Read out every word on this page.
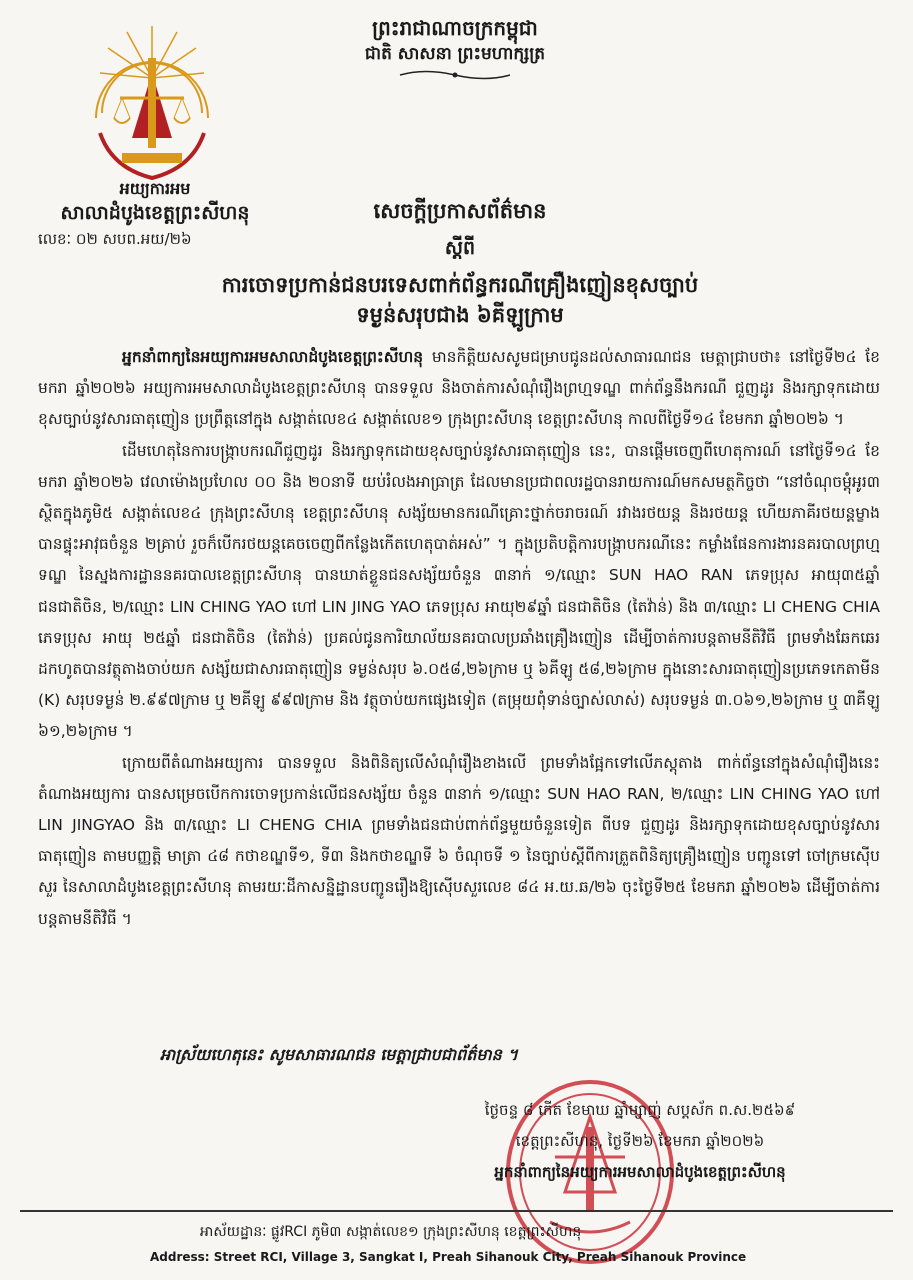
អយ្យការអម
សាលាដំបូងខេត្តព្រះសីហនុ
លេខៈ ០២ សបព.អយ/២៦
ព្រះរាជាណាចក្រកម្ពុជា
ជាតិ សាសនា ព្រះមហាក្សត្រ
សេចក្តីប្រកាសព័ត៌មាន
ស្តីពី
ការចោទប្រកាន់ជនបរទេសពាក់ព័ន្ធករណីគ្រឿងញៀនខុសច្បាប់
ទម្ងន់សរុបជាង ៦គីឡូក្រាម

អ្នកនាំពាក្យនៃអយ្យការអមសាលាដំបូងខេត្តព្រះសីហនុ មានកិត្តិយសសូមជម្រាបជូនដល់សាធារណជន មេត្តាជ្រាបថា៖ នៅថ្ងៃទី២៤ ខែមករា ឆ្នាំ២០២៦ អយ្យការអមសាលាដំបូងខេត្តព្រះសីហនុ បានទទួល និងចាត់ការសំណុំរឿងព្រហ្មទណ្ឌ ពាក់ព័ន្ធនឹងករណី ជួញដូរ និងរក្សាទុកដោយខុសច្បាប់នូវសារធាតុញៀន ប្រព្រឹត្តនៅក្នុង សង្កាត់លេខ៤ សង្កាត់លេខ១ ក្រុងព្រះសីហនុ ខេត្តព្រះសីហនុ កាលពីថ្ងៃទី១៤ ខែមករា ឆ្នាំ២០២៦ ។

ដើមហេតុនៃការបង្ក្រាបករណីជួញដូរ និងរក្សាទុកដោយខុសច្បាប់នូវសារធាតុញៀន នេះ, បានផ្តើមចេញពីហេតុការណ៍ នៅថ្ងៃទី១៤ ខែមករា ឆ្នាំ២០២៦ វេលាម៉ោងប្រហែល ០០ និង ២០នាទី យប់រំលងអាធ្រាត្រ ដែលមានប្រជាពលរដ្ឋបានរាយការណ៍មកសមត្ថកិច្ចថា “នៅចំណុចម្តុំអូរ៣ ស្ថិតក្នុងភូមិ៥ សង្កាត់លេខ៤ ក្រុងព្រះសីហនុ ខេត្តព្រះសីហនុ សង្ស័យមានករណីគ្រោះថ្នាក់ចរាចរណ៍ រវាងរថយន្ត និងរថយន្ត ហើយភាគីរថយន្តម្ខាង បានផ្ទុះអាវុធចំនួន ២គ្រាប់ រួចក៏បើករថយន្តគេចចេញពីកន្លែងកើតហេតុបាត់អស់” ។ ក្នុងប្រតិបត្តិការបង្ក្រាបករណីនេះ កម្លាំងផែនការងារនគរបាលព្រហ្មទណ្ឌ នៃស្នងការដ្ឋាននគរបាលខេត្តព្រះសីហនុ បានឃាត់ខ្លួនជនសង្ស័យចំនួន ៣នាក់ ១/ឈ្មោះ SUN HAO RAN ភេទប្រុស អាយុ៣៥ឆ្នាំ ជនជាតិចិន, ២/ឈ្មោះ LIN CHING YAO ហៅ LIN JING YAO ភេទប្រុស អាយុ២៩ឆ្នាំ ជនជាតិចិន (តៃវ៉ាន់) និង ៣/ឈ្មោះ LI CHENG CHIA ភេទប្រុស អាយុ ២៥ឆ្នាំ ជនជាតិចិន (តៃវ៉ាន់) ប្រគល់ជូនការិយាល័យនគរបាលប្រឆាំងគ្រឿងញៀន ដើម្បីចាត់ការបន្តតាមនីតិវិធី ព្រមទាំងឆែកឆេរដកហូតបានវត្ថុតាងចាប់យក សង្ស័យជាសារធាតុញៀន ទម្ងន់សរុប ៦.០៥៨,២៦ក្រាម ឬ ៦គីឡូ ៥៨,២៦ក្រាម ក្នុងនោះសារធាតុញៀនប្រភេទកេតាមីន (K) សរុបទម្ងន់ ២.៩៩៧ក្រាម ឬ ២គីឡូ ៩៩៧ក្រាម និង វត្ថុចាប់យកផ្សេងទៀត (តម្រុយពុំទាន់ច្បាស់លាស់) សរុបទម្ងន់ ៣.០៦១,២៦ក្រាម ឬ ៣គីឡូ ៦១,២៦ក្រាម ។

ក្រោយពីតំណាងអយ្យការ បានទទួល និងពិនិត្យលើសំណុំរឿងខាងលើ ព្រមទាំងផ្អែកទៅលើភស្តុតាង ពាក់ព័ន្ធនៅក្នុងសំណុំរឿងនេះ តំណាងអយ្យការ បានសម្រេចបើកការចោទប្រកាន់លើជនសង្ស័យ ចំនួន ៣នាក់ ១/ឈ្មោះ SUN HAO RAN, ២/ឈ្មោះ LIN CHING YAO ហៅ LIN JINGYAO និង ៣/ឈ្មោះ LI CHENG CHIA ព្រមទាំងជនជាប់ពាក់ព័ន្ធមួយចំនួនទៀត ពីបទ ជួញដូរ និងរក្សាទុកដោយខុសច្បាប់នូវសារធាតុញៀន តាមបញ្ញត្តិ មាត្រា ៤៨ កថាខណ្ឌទី១, ទី៣ និងកថាខណ្ឌទី ៦ ចំណុចទី ១ នៃច្បាប់ស្តីពីការត្រួតពិនិត្យគ្រឿងញៀន បញ្ជូនទៅ ចៅក្រមស៊ើបសួរ នៃសាលាដំបូងខេត្តព្រះសីហនុ តាមរយៈដីកាសន្និដ្ឋានបញ្ជូនរឿងឱ្យស៊ើបសួរលេខ ៨៤ អ.យ.ឆ/២៦ ចុះថ្ងៃទី២៥ ខែមករា ឆ្នាំ២០២៦ ដើម្បីចាត់ការបន្តតាមនីតិវិធី ។

អាស្រ័យហេតុនេះ សូមសាធារណជន មេត្តាជ្រាបជាព័ត៌មាន ។
ថ្ងៃចន្ទ ៨ កើត ខែមាឃ ឆ្នាំម្សាញ់ សប្តស័ក ព.ស.២៥៦៩
ខេត្តព្រះសីហនុ, ថ្ងៃទី២៦ ខែមករា ឆ្នាំ២០២៦
អ្នកនាំពាក្យនៃអយ្យការអមសាលាដំបូងខេត្តព្រះសីហនុ
អាស័យដ្ឋានៈ ផ្លូវRCI ភូមិ៣ សង្កាត់លេខ១ ក្រុងព្រះសីហនុ ខេត្តព្រះសីហនុ
Address: Street RCI, Village 3, Sangkat I, Preah Sihanouk City, Preah Sihanouk Province
